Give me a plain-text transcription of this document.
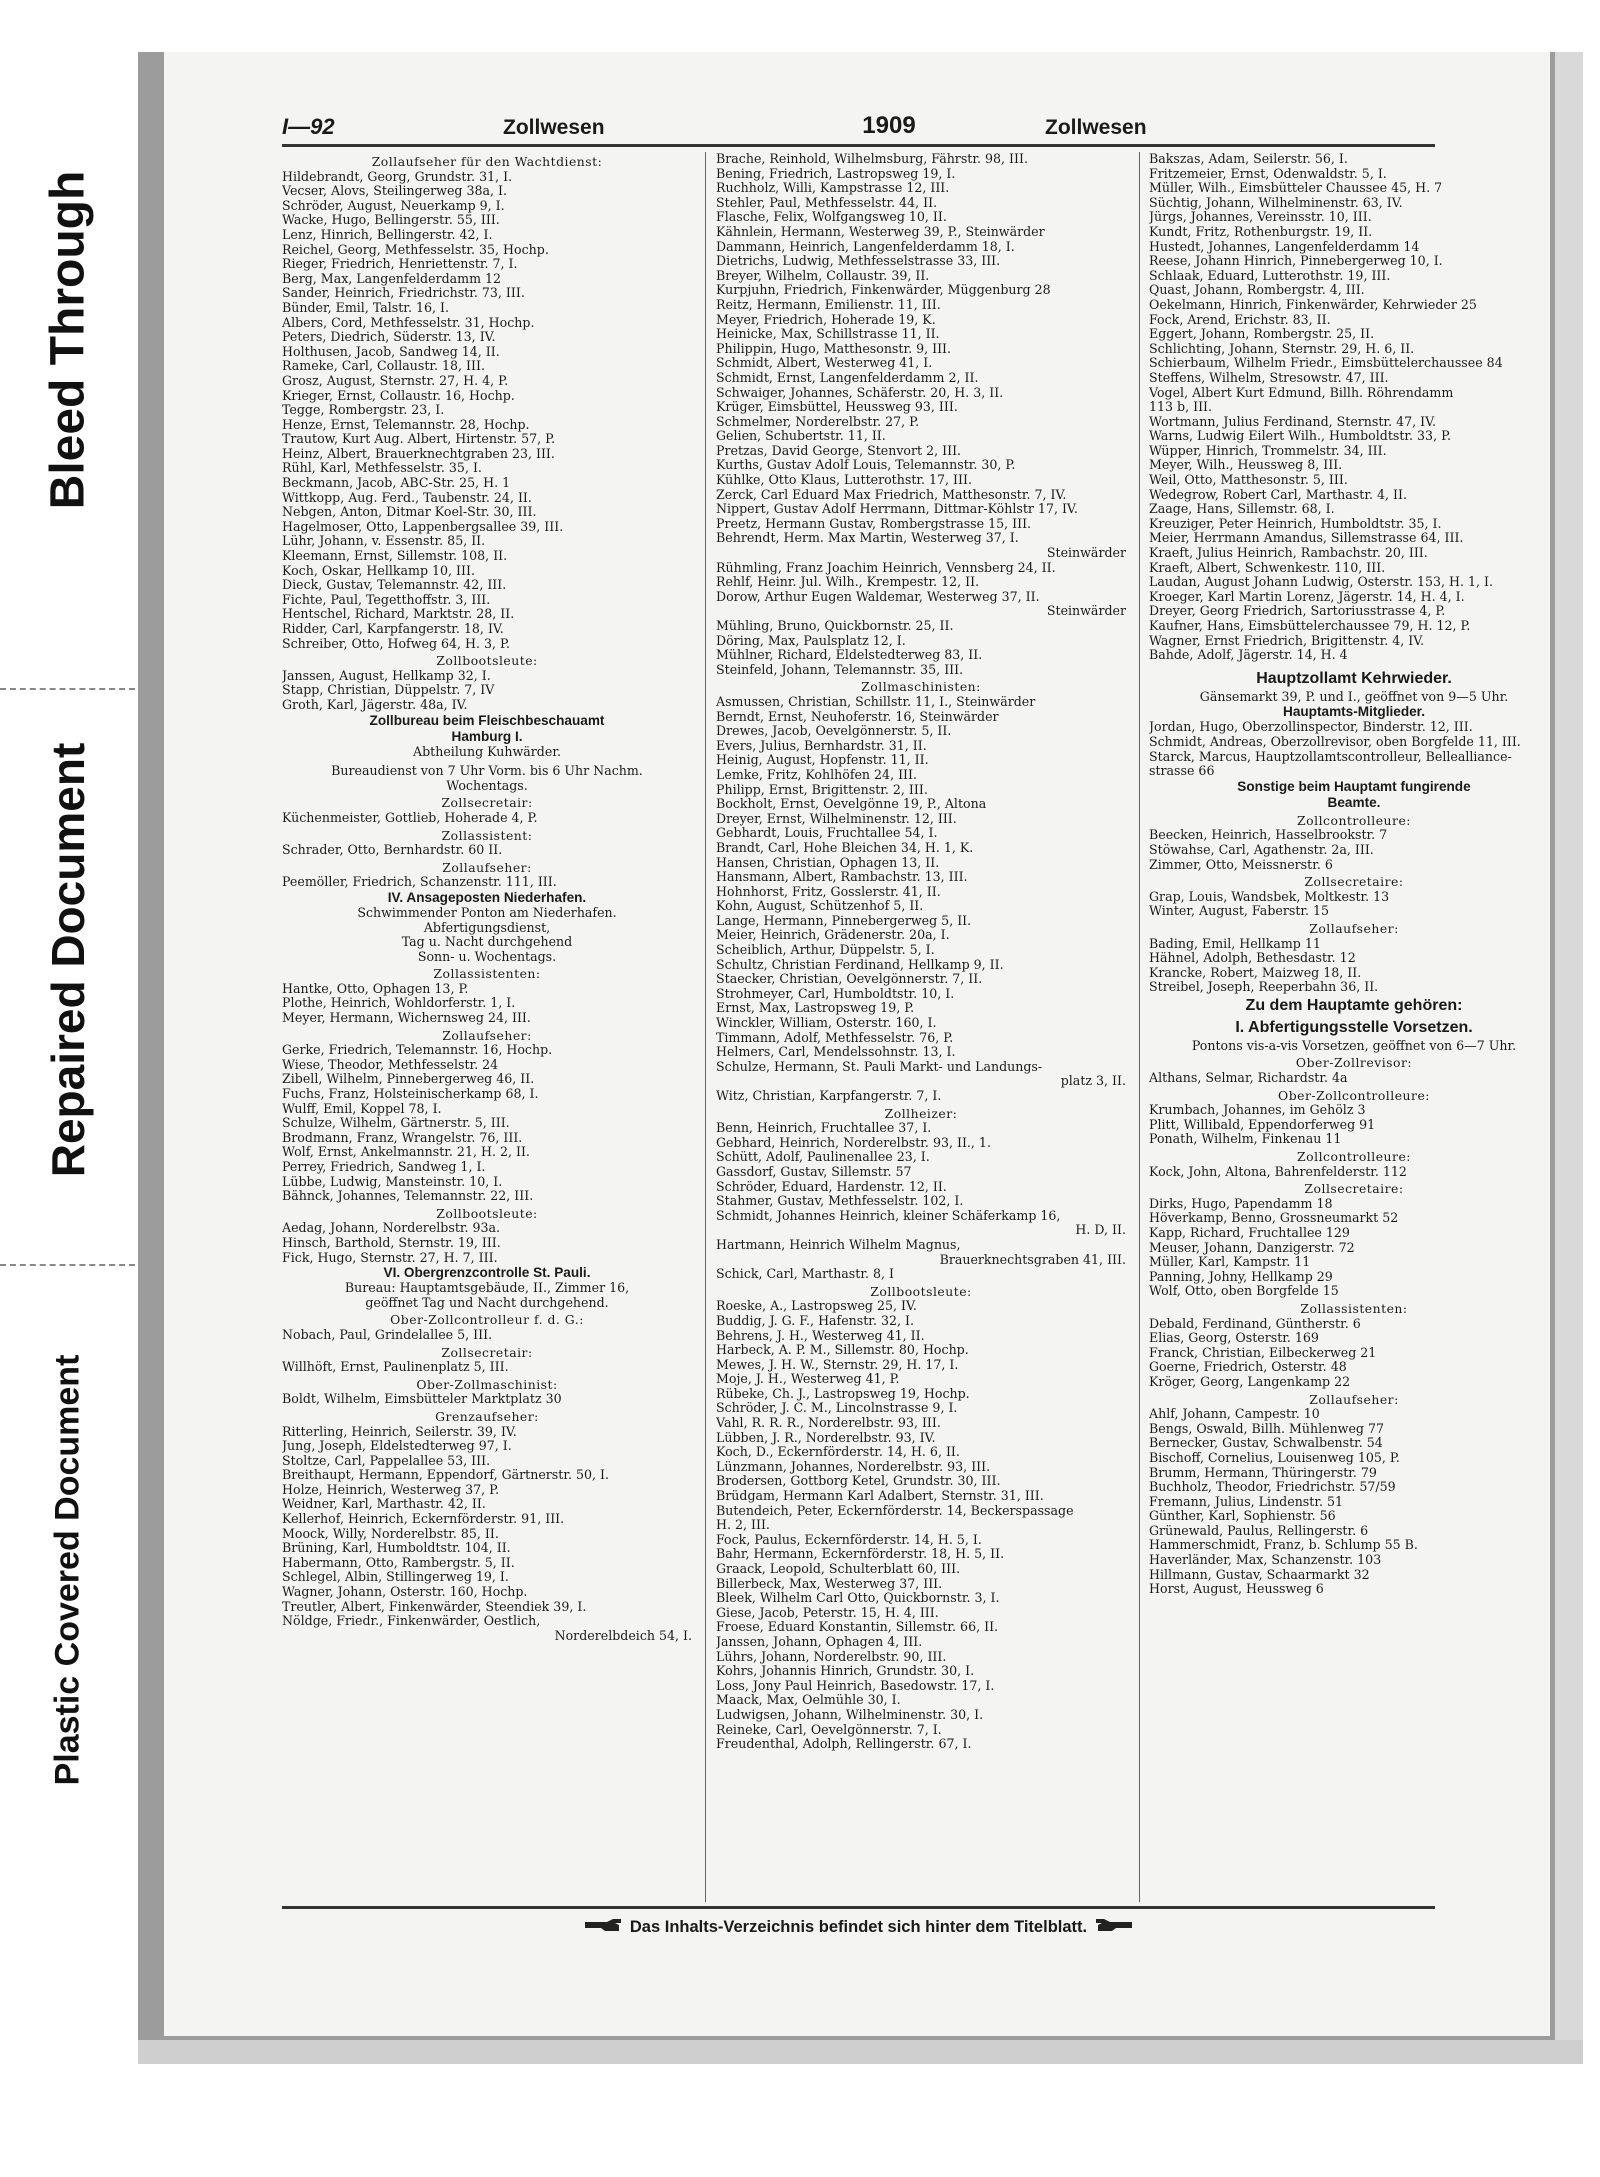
Bleed Through
Repaired Document
Plastic Covered Document
I—92	Zollwesen	1909	Zollwesen
Zollaufseher für den Wachtdienst:
Hildebrandt, Georg, Grundstr. 31, I.
Vecser, Alovs, Steilingerweg 38a, I.
Schröder, August, Neuerkamp 9, I.
Wacke, Hugo, Bellingerstr. 55, III.
Lenz, Hinrich, Bellingerstr. 42, I.
Reichel, Georg, Methfesselstr. 35, Hochp.
Rieger, Friedrich, Henriettenstr. 7, I.
Berg, Max, Langenfelderdamm 12
Sander, Heinrich, Friedrichstr. 73, III.
Bünder, Emil, Talstr. 16, I.
Albers, Cord, Methfesselstr. 31, Hochp.
Peters, Diedrich, Süderstr. 13, IV.
Holthusen, Jacob, Sandweg 14, II.
Rameke, Carl, Collaustr. 18, III.
Grosz, August, Sternstr. 27, H. 4, P.
Krieger, Ernst, Collaustr. 16, Hochp.
Tegge, Rombergstr. 23, I.
Henze, Ernst, Telemannstr. 28, Hochp.
Trautow, Kurt Aug. Albert, Hirtenstr. 57, P.
Heinz, Albert, Brauerknechtgraben 23, III.
Rühl, Karl, Methfesselstr. 35, I.
Beckmann, Jacob, ABC-Str. 25, H. 1
Wittkopp, Aug. Ferd., Taubenstr. 24, II.
Nebgen, Anton, Ditmar Koel-Str. 30, III.
Hagelmoser, Otto, Lappenbergsallee 39, III.
Lühr, Johann, v. Essenstr. 85, II.
Kleemann, Ernst, Sillemstr. 108, II.
Koch, Oskar, Hellkamp 10, III.
Dieck, Gustav, Telemannstr. 42, III.
Fichte, Paul, Tegetthoffstr. 3, III.
Hentschel, Richard, Marktstr. 28, II.
Ridder, Carl, Karpfangerstr. 18, IV.
Schreiber, Otto, Hofweg 64, H. 3, P.
Zollbootsleute:
Janssen, August, Hellkamp 32, I.
Stapp, Christian, Düppelstr. 7, IV
Groth, Karl, Jägerstr. 48a, IV.
Zollbureau beim Fleischbeschauamt
Hamburg I.
Abtheilung Kuhwärder.
Bureaudienst von 7 Uhr Vorm. bis 6 Uhr Nachm.
Wochentags.
Zollsecretair:
Küchenmeister, Gottlieb, Hoherade 4, P.
Zollassistent:
Schrader, Otto, Bernhardstr. 60 II.
Zollaufseher:
Peemöller, Friedrich, Schanzenstr. 111, III.
IV. Ansageposten Niederhafen.
Schwimmender Ponton am Niederhafen.
Abfertigungsdienst,
Tag u. Nacht durchgehend
Sonn- u. Wochentags.
Zollassistenten:
Hantke, Otto, Ophagen 13, P.
Plothe, Heinrich, Wohldorferstr. 1, I.
Meyer, Hermann, Wichernsweg 24, III.
Zollaufseher:
Gerke, Friedrich, Telemannstr. 16, Hochp.
Wiese, Theodor, Methfesselstr. 24
Zibell, Wilhelm, Pinnebergerweg 46, II.
Fuchs, Franz, Holsteinischerkamp 68, I.
Wulff, Emil, Koppel 78, I.
Schulze, Wilhelm, Gärtnerstr. 5, III.
Brodmann, Franz, Wrangelstr. 76, III.
Wolf, Ernst, Ankelmannstr. 21, H. 2, II.
Perrey, Friedrich, Sandweg 1, I.
Lübbe, Ludwig, Mansteinstr. 10, I.
Bähnck, Johannes, Telemannstr. 22, III.
Zollbootsleute:
Aedag, Johann, Norderelbstr. 93a.
Hinsch, Barthold, Sternstr. 19, III.
Fick, Hugo, Sternstr. 27, H. 7, III.
VI. Obergrenzcontrolle St. Pauli.
Bureau: Hauptamtsgebäude, II., Zimmer 16,
geöffnet Tag und Nacht durchgehend.
Ober-Zollcontrolleur f. d. G.:
Nobach, Paul, Grindelallee 5, III.
Zollsecretair:
Willhöft, Ernst, Paulinenplatz 5, III.
Ober-Zollmaschinist:
Boldt, Wilhelm, Eimsbütteler Marktplatz 30
Grenzaufseher:
Ritterling, Heinrich, Seilerstr. 39, IV.
Jung, Joseph, Eldelstedterweg 97, I.
Stoltze, Carl, Pappelallee 53, III.
Breithaupt, Hermann, Eppendorf, Gärtnerstr. 50, I.
Holze, Heinrich, Westerweg 37, P.
Weidner, Karl, Marthastr. 42, II.
Kellerhof, Heinrich, Eckernförderstr. 91, III.
Moock, Willy, Norderelbstr. 85, II.
Brüning, Karl, Humboldtstr. 104, II.
Habermann, Otto, Rambergstr. 5, II.
Schlegel, Albin, Stillingerweg 19, I.
Wagner, Johann, Osterstr. 160, Hochp.
Treutler, Albert, Finkenwärder, Steendiek 39, I.
Nöldge, Friedr., Finkenwärder, Oestlich,
Norderelbdeich 54, I.
Brache, Reinhold, Wilhelmsburg, Fährstr. 98, III.
Bening, Friedrich, Lastropsweg 19, I.
Ruchholz, Willi, Kampstrasse 12, III.
Stehler, Paul, Methfesselstr. 44, II.
Flasche, Felix, Wolfgangsweg 10, II.
Kähnlein, Hermann, Westerweg 39, P., Steinwärder
Dammann, Heinrich, Langenfelderdamm 18, I.
Dietrichs, Ludwig, Methfesselstrasse 33, III.
Breyer, Wilhelm, Collaustr. 39, II.
Kurpjuhn, Friedrich, Finkenwärder, Müggenburg 28
Reitz, Hermann, Emilienstr. 11, III.
Meyer, Friedrich, Hoherade 19, K.
Heinicke, Max, Schillstrasse 11, II.
Philippin, Hugo, Matthesonstr. 9, III.
Schmidt, Albert, Westerweg 41, I.
Schmidt, Ernst, Langenfelderdamm 2, II.
Schwaiger, Johannes, Schäferstr. 20, H. 3, II.
Krüger, Eimsbüttel, Heussweg 93, III.
Schmelmer, Norderelbstr. 27, P.
Gelien, Schubertstr. 11, II.
Pretzas, David George, Stenvort 2, III.
Kurths, Gustav Adolf Louis, Telemannstr. 30, P.
Kühlke, Otto Klaus, Lutterothstr. 17, III.
Zerck, Carl Eduard Max Friedrich, Matthesonstr. 7, IV.
Nippert, Gustav Adolf Herrmann, Dittmar-Köhlstr 17, IV.
Preetz, Hermann Gustav, Rombergstrasse 15, III.
Behrendt, Herm. Max Martin, Westerweg 37, I.
Steinwärder
Rühmling, Franz Joachim Heinrich, Vennsberg 24, II.
Rehlf, Heinr. Jul. Wilh., Krempestr. 12, II.
Dorow, Arthur Eugen Waldemar, Westerweg 37, II.
Steinwärder
Mühling, Bruno, Quickbornstr. 25, II.
Döring, Max, Paulsplatz 12, I.
Mühlner, Richard, Eldelstedterweg 83, II.
Steinfeld, Johann, Telemannstr. 35, III.
Zollmaschinisten:
Asmussen, Christian, Schillstr. 11, I., Steinwärder
Berndt, Ernst, Neuhoferstr. 16, Steinwärder
Drewes, Jacob, Oevelgönnerstr. 5, II.
Evers, Julius, Bernhardstr. 31, II.
Heinig, August, Hopfenstr. 11, II.
Lemke, Fritz, Kohlhöfen 24, III.
Philipp, Ernst, Brigittenstr. 2, III.
Bockholt, Ernst, Oevelgönne 19, P., Altona
Dreyer, Ernst, Wilhelminenstr. 12, III.
Gebhardt, Louis, Fruchtallee 54, I.
Brandt, Carl, Hohe Bleichen 34, H. 1, K.
Hansen, Christian, Ophagen 13, II.
Hansmann, Albert, Rambachstr. 13, III.
Hohnhorst, Fritz, Gosslerstr. 41, II.
Kohn, August, Schützenhof 5, II.
Lange, Hermann, Pinnebergerweg 5, II.
Meier, Heinrich, Grädenerstr. 20a, I.
Scheiblich, Arthur, Düppelstr. 5, I.
Schultz, Christian Ferdinand, Hellkamp 9, II.
Staecker, Christian, Oevelgönnerstr. 7, II.
Strohmeyer, Carl, Humboldtstr. 10, I.
Ernst, Max, Lastropsweg 19, P.
Winckler, William, Osterstr. 160, I.
Timmann, Adolf, Methfesselstr. 76, P.
Helmers, Carl, Mendelssohnstr. 13, I.
Schulze, Hermann, St. Pauli Markt- und Landungs-
platz 3, II.
Witz, Christian, Karpfangerstr. 7, I.
Zollheizer:
Benn, Heinrich, Fruchtallee 37, I.
Gebhard, Heinrich, Norderelbstr. 93, II., 1.
Schütt, Adolf, Paulinenallee 23, I.
Gassdorf, Gustav, Sillemstr. 57
Schröder, Eduard, Hardenstr. 12, II.
Stahmer, Gustav, Methfesselstr. 102, I.
Schmidt, Johannes Heinrich, kleiner Schäferkamp 16,
H. D, II.
Hartmann, Heinrich Wilhelm Magnus,
Brauerknechtsgraben 41, III.
Schick, Carl, Marthastr. 8, I
Zollbootsleute:
Roeske, A., Lastropsweg 25, IV.
Buddig, J. G. F., Hafenstr. 32, I.
Behrens, J. H., Westerweg 41, II.
Harbeck, A. P. M., Sillemstr. 80, Hochp.
Mewes, J. H. W., Sternstr. 29, H. 17, I.
Moje, J. H., Westerweg 41, P.
Rübeke, Ch. J., Lastropsweg 19, Hochp.
Schröder, J. C. M., Lincolnstrasse 9, I.
Vahl, R. R. R., Norderelbstr. 93, III.
Lübben, J. R., Norderelbstr. 93, IV.
Koch, D., Eckernförderstr. 14, H. 6, II.
Lünzmann, Johannes, Norderelbstr. 93, III.
Brodersen, Gottborg Ketel, Grundstr. 30, III.
Brüdgam, Hermann Karl Adalbert, Sternstr. 31, III.
Butendeich, Peter, Eckernförderstr. 14, Beckerspassage
H. 2, III.
Fock, Paulus, Eckernförderstr. 14, H. 5, I.
Bahr, Hermann, Eckernförderstr. 18, H. 5, II.
Graack, Leopold, Schulterblatt 60, III.
Billerbeck, Max, Westerweg 37, III.
Bleek, Wilhelm Carl Otto, Quickbornstr. 3, I.
Giese, Jacob, Peterstr. 15, H. 4, III.
Froese, Eduard Konstantin, Sillemstr. 66, II.
Janssen, Johann, Ophagen 4, III.
Lührs, Johann, Norderelbstr. 90, III.
Kohrs, Johannis Hinrich, Grundstr. 30, I.
Loss, Jony Paul Heinrich, Basedowstr. 17, I.
Maack, Max, Oelmühle 30, I.
Ludwigsen, Johann, Wilhelminenstr. 30, I.
Reineke, Carl, Oevelgönnerstr. 7, I.
Freudenthal, Adolph, Rellingerstr. 67, I.
Bakszas, Adam, Seilerstr. 56, I.
Fritzemeier, Ernst, Odenwaldstr. 5, I.
Müller, Wilh., Eimsbütteler Chaussee 45, H. 7
Süchtig, Johann, Wilhelminenstr. 63, IV.
Jürgs, Johannes, Vereinsstr. 10, III.
Kundt, Fritz, Rothenburgstr. 19, II.
Hustedt, Johannes, Langenfelderdamm 14
Reese, Johann Hinrich, Pinnebergerweg 10, I.
Schlaak, Eduard, Lutterothstr. 19, III.
Quast, Johann, Rombergstr. 4, III.
Oekelmann, Hinrich, Finkenwärder, Kehrwieder 25
Fock, Arend, Erichstr. 83, II.
Eggert, Johann, Rombergstr. 25, II.
Schlichting, Johann, Sternstr. 29, H. 6, II.
Schierbaum, Wilhelm Friedr., Eimsbüttelerchaussee 84
Steffens, Wilhelm, Stresowstr. 47, III.
Vogel, Albert Kurt Edmund, Billh. Röhrendamm
113 b, III.
Wortmann, Julius Ferdinand, Sternstr. 47, IV.
Warns, Ludwig Eilert Wilh., Humboldtstr. 33, P.
Wüpper, Hinrich, Trommelstr. 34, III.
Meyer, Wilh., Heussweg 8, III.
Weil, Otto, Matthesonstr. 5, III.
Wedegrow, Robert Carl, Marthastr. 4, II.
Zaage, Hans, Sillemstr. 68, I.
Kreuziger, Peter Heinrich, Humboldtstr. 35, I.
Meier, Herrmann Amandus, Sillemstrasse 64, III.
Kraeft, Julius Heinrich, Rambachstr. 20, III.
Kraeft, Albert, Schwenkestr. 110, III.
Laudan, August Johann Ludwig, Osterstr. 153, H. 1, I.
Kroeger, Karl Martin Lorenz, Jägerstr. 14, H. 4, I.
Dreyer, Georg Friedrich, Sartoriusstrasse 4, P.
Kaufner, Hans, Eimsbüttelerchaussee 79, H. 12, P.
Wagner, Ernst Friedrich, Brigittenstr. 4, IV.
Bahde, Adolf, Jägerstr. 14, H. 4
Hauptzollamt Kehrwieder.
Gänsemarkt 39, P. und I., geöffnet von 9—5 Uhr.
Hauptamts-Mitglieder.
Jordan, Hugo, Oberzollinspector, Binderstr. 12, III.
Schmidt, Andreas, Oberzollrevisor, oben Borgfelde 11, III.
Starck, Marcus, Hauptzollamtscontrolleur, Bellealliance-
strasse 66
Sonstige beim Hauptamt fungirende
Beamte.
Zollcontrolleure:
Beecken, Heinrich, Hasselbrookstr. 7
Stöwahse, Carl, Agathenstr. 2a, III.
Zimmer, Otto, Meissnerstr. 6
Zollsecretaire:
Grap, Louis, Wandsbek, Moltkestr. 13
Winter, August, Faberstr. 15
Zollaufseher:
Bading, Emil, Hellkamp 11
Hähnel, Adolph, Bethesdastr. 12
Krancke, Robert, Maizweg 18, II.
Streibel, Joseph, Reeperbahn 36, II.
Zu dem Hauptamte gehören:
I. Abfertigungsstelle Vorsetzen.
Pontons vis-a-vis Vorsetzen, geöffnet von 6—7 Uhr.
Ober-Zollrevisor:
Althans, Selmar, Richardstr. 4a
Ober-Zollcontrolleure:
Krumbach, Johannes, im Gehölz 3
Plitt, Willibald, Eppendorferweg 91
Ponath, Wilhelm, Finkenau 11
Zollcontrolleure:
Kock, John, Altona, Bahrenfelderstr. 112
Zollsecretaire:
Dirks, Hugo, Papendamm 18
Höverkamp, Benno, Grossneumarkt 52
Kapp, Richard, Fruchtallee 129
Meuser, Johann, Danzigerstr. 72
Müller, Karl, Kampstr. 11
Panning, Johny, Hellkamp 29
Wolf, Otto, oben Borgfelde 15
Zollassistenten:
Debald, Ferdinand, Güntherstr. 6
Elias, Georg, Osterstr. 169
Franck, Christian, Eilbeckerweg 21
Goerne, Friedrich, Osterstr. 48
Kröger, Georg, Langenkamp 22
Zollaufseher:
Ahlf, Johann, Campestr. 10
Bengs, Oswald, Billh. Mühlenweg 77
Bernecker, Gustav, Schwalbenstr. 54
Bischoff, Cornelius, Louisenweg 105, P.
Brumm, Hermann, Thüringerstr. 79
Buchholz, Theodor, Friedrichstr. 57/59
Fremann, Julius, Lindenstr. 51
Günther, Karl, Sophienstr. 56
Grünewald, Paulus, Rellingerstr. 6
Hammerschmidt, Franz, b. Schlump 55 B.
Haverländer, Max, Schanzenstr. 103
Hillmann, Gustav, Schaarmarkt 32
Horst, August, Heussweg 6
Das Inhalts-Verzeichnis befindet sich hinter dem Titelblatt.
